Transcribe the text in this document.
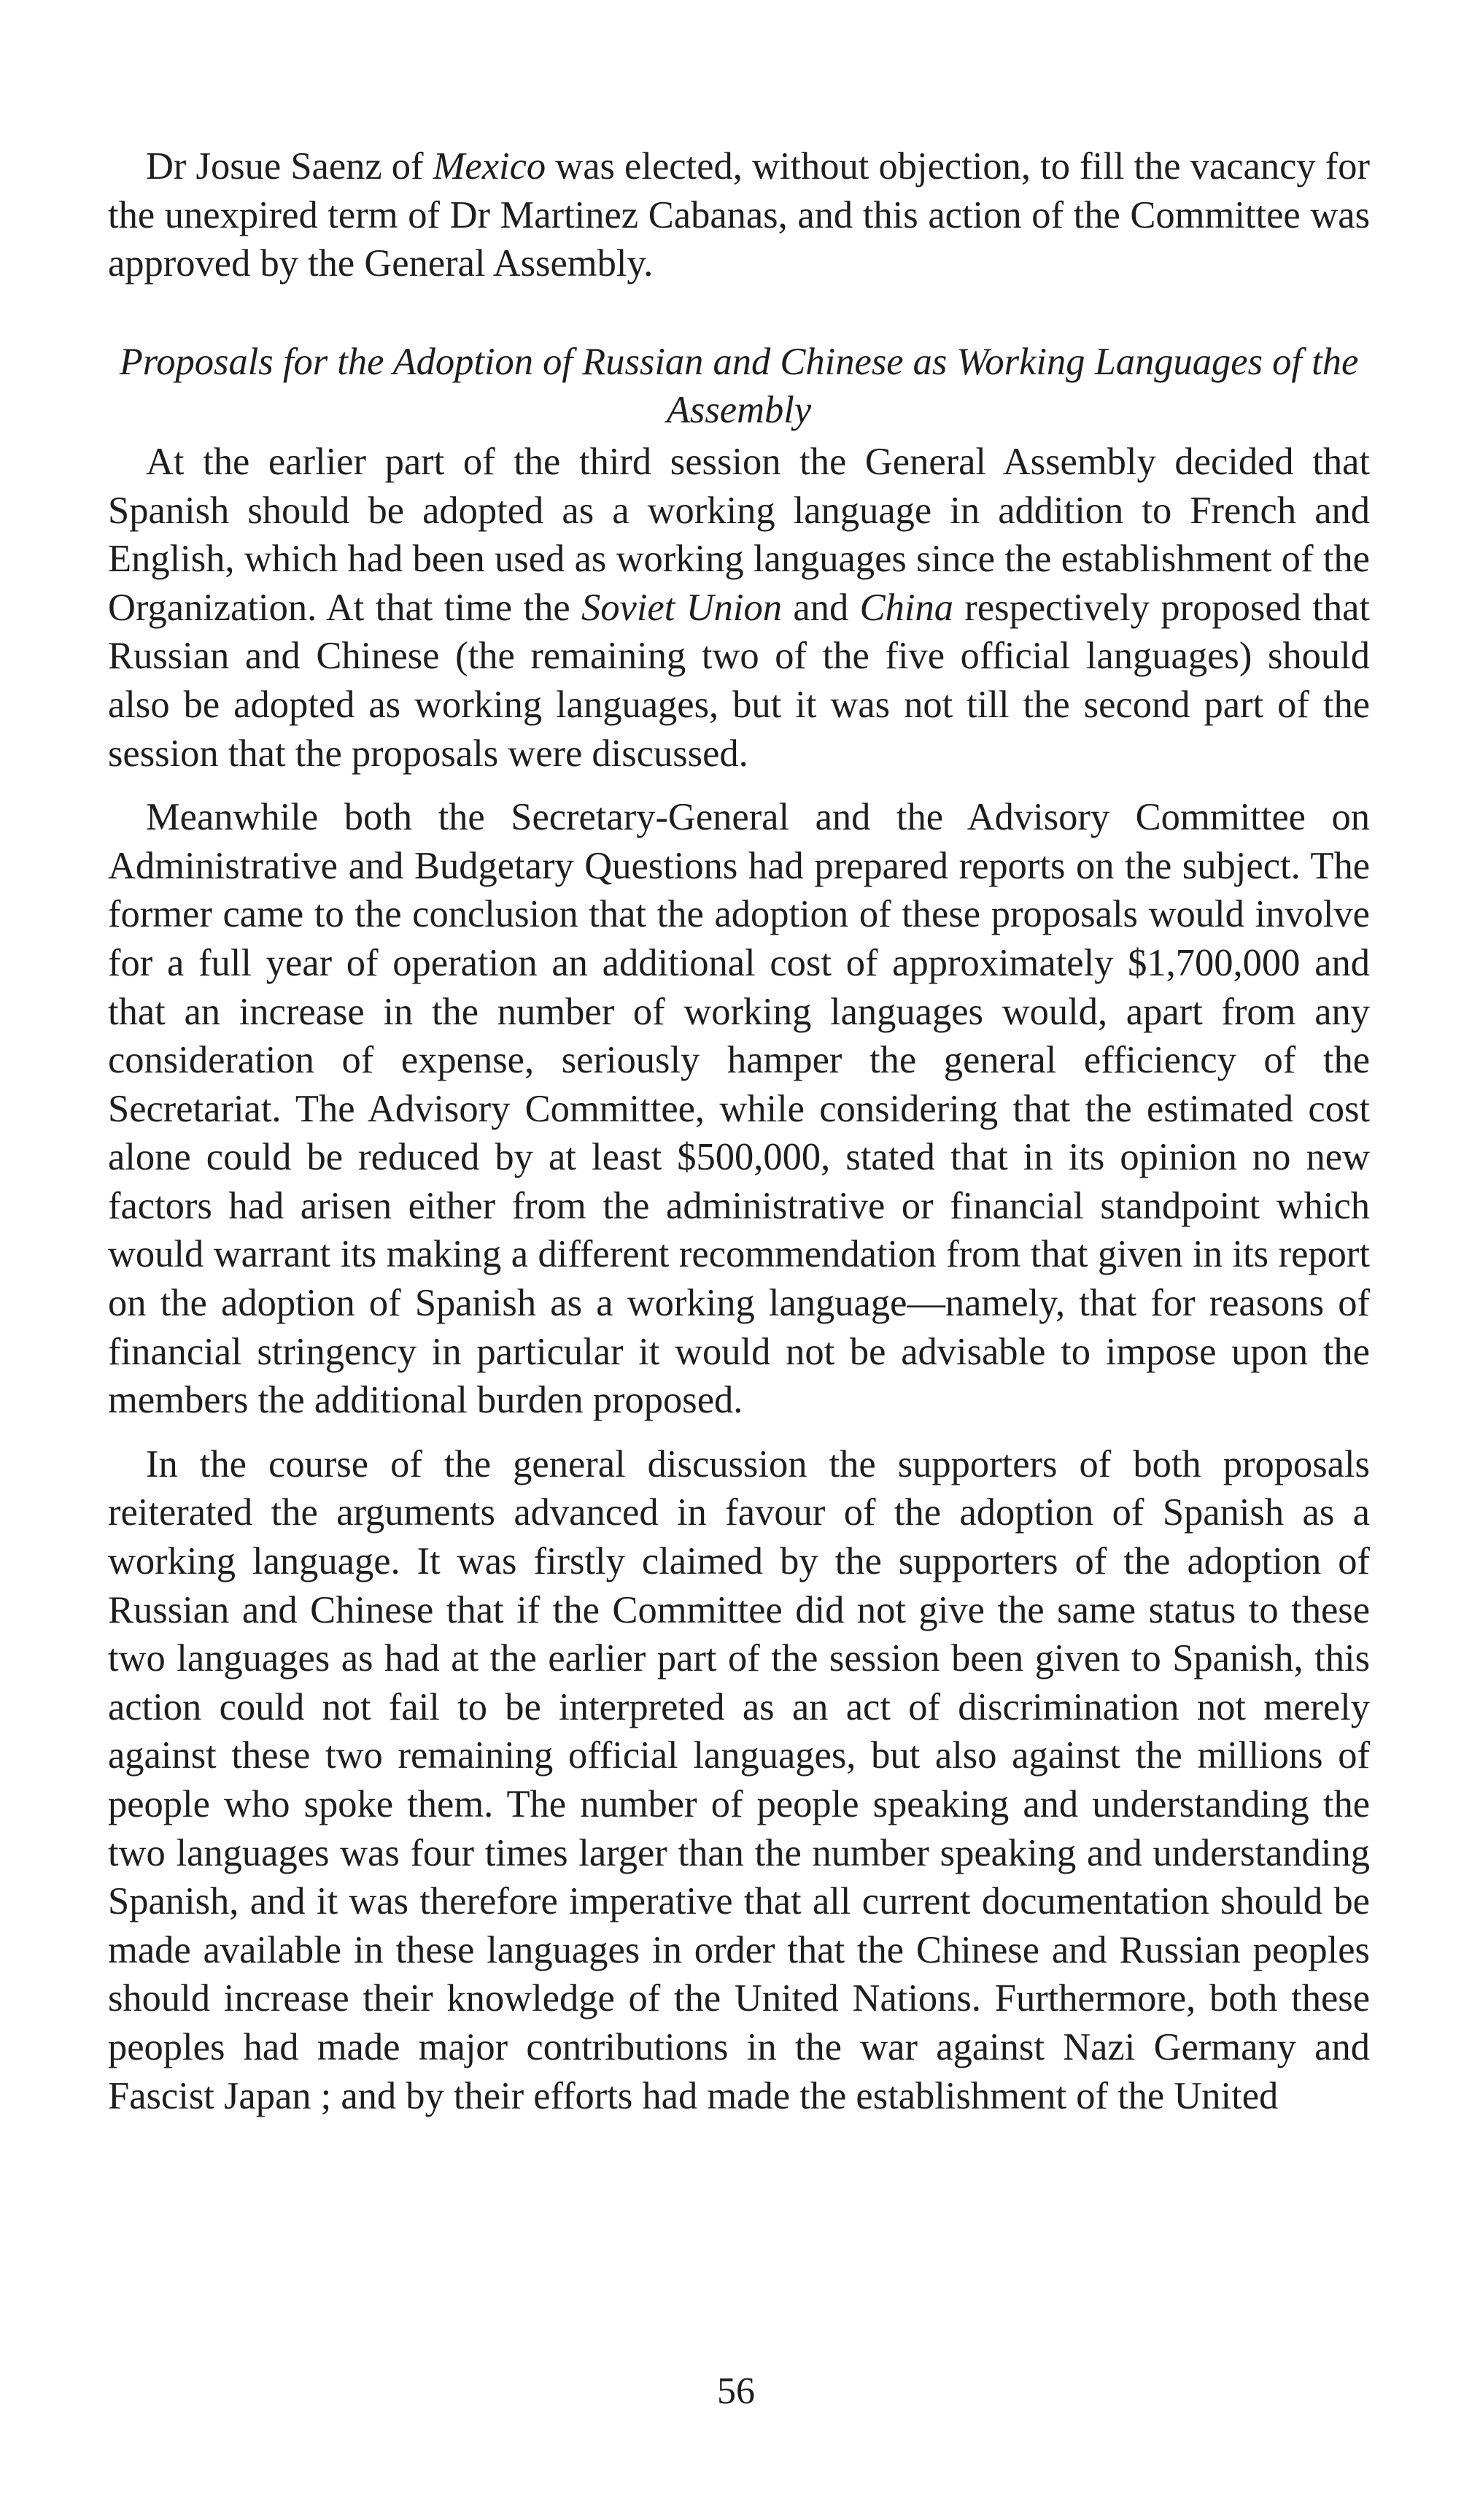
Dr Josue Saenz of Mexico was elected, without objection, to fill the vacancy for the unexpired term of Dr Martinez Cabanas, and this action of the Committee was approved by the General Assembly.

Proposals for the Adoption of Russian and Chinese as Working Languages of the Assembly

At the earlier part of the third session the General Assembly decided that Spanish should be adopted as a working language in addition to French and English, which had been used as working languages since the establishment of the Organization. At that time the Soviet Union and China respectively proposed that Russian and Chinese (the remaining two of the five official languages) should also be adopted as working languages, but it was not till the second part of the session that the proposals were discussed.

Meanwhile both the Secretary-General and the Advisory Committee on Administrative and Budgetary Questions had prepared reports on the subject. The former came to the conclusion that the adoption of these proposals would involve for a full year of operation an additional cost of approximately $1,700,000 and that an increase in the number of working languages would, apart from any consideration of expense, seriously hamper the general efficiency of the Secretariat. The Advisory Committee, while considering that the estimated cost alone could be reduced by at least $500,000, stated that in its opinion no new factors had arisen either from the administrative or financial standpoint which would warrant its making a different recommendation from that given in its report on the adoption of Spanish as a working language—namely, that for reasons of financial stringency in particular it would not be advisable to impose upon the members the additional burden proposed.

In the course of the general discussion the supporters of both proposals reiterated the arguments advanced in favour of the adoption of Spanish as a working language. It was firstly claimed by the supporters of the adoption of Russian and Chinese that if the Committee did not give the same status to these two languages as had at the earlier part of the session been given to Spanish, this action could not fail to be interpreted as an act of discrimination not merely against these two remaining official languages, but also against the millions of people who spoke them. The number of people speaking and understanding the two languages was four times larger than the number speaking and understanding Spanish, and it was therefore imperative that all current documentation should be made available in these languages in order that the Chinese and Russian peoples should increase their knowledge of the United Nations. Furthermore, both these peoples had made major contributions in the war against Nazi Germany and Fascist Japan ; and by their efforts had made the establishment of the United

56
